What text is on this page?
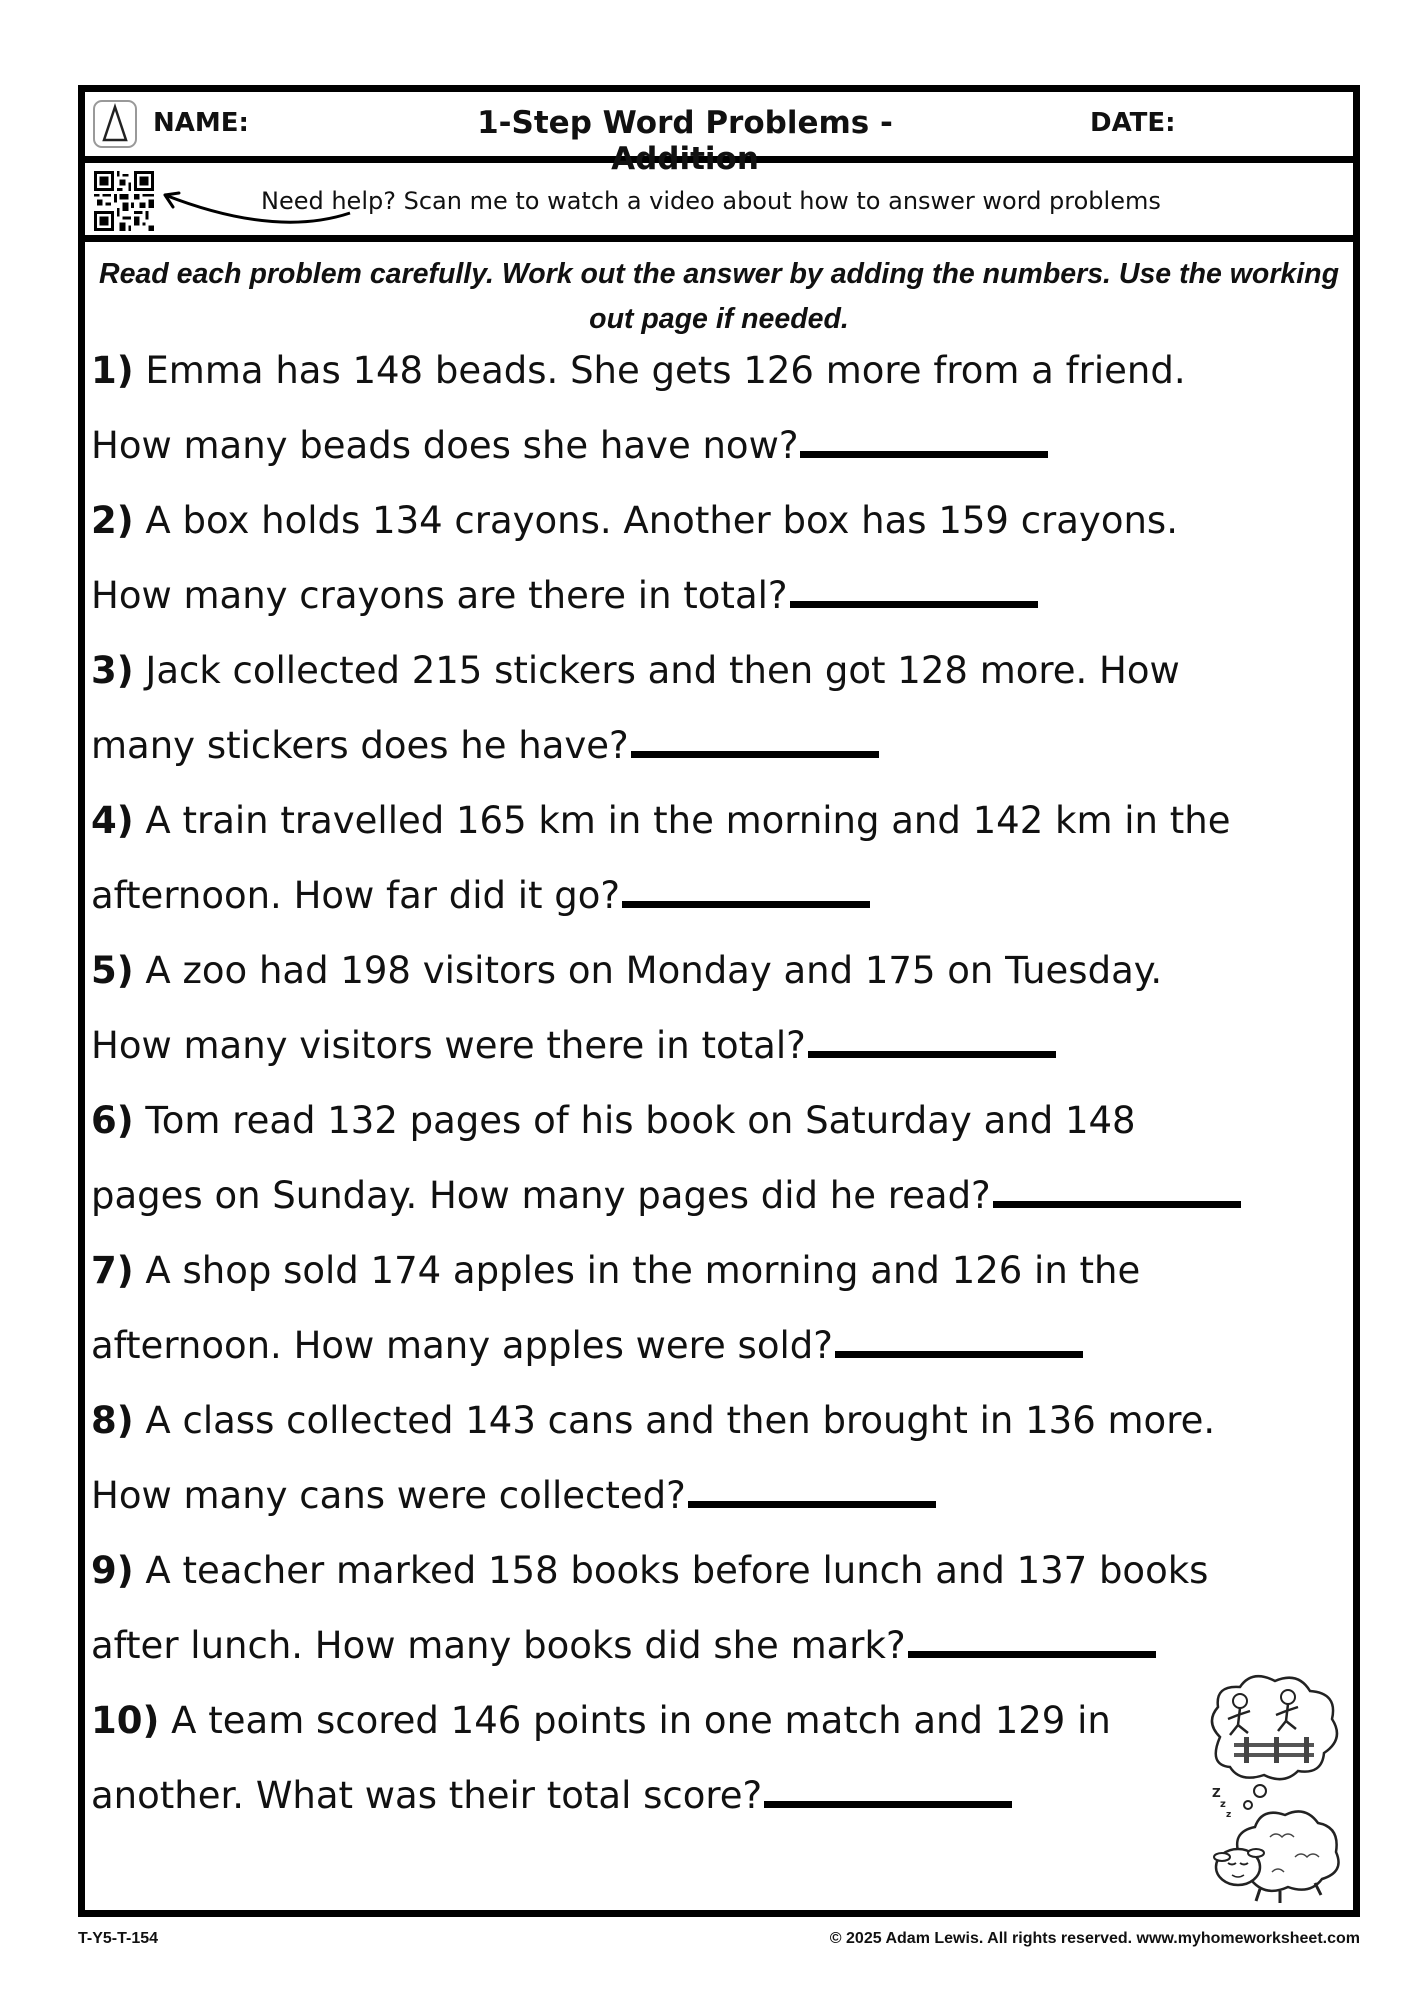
NAME:	1-Step Word Problems - Addition
DATE:
Need help? Scan me to watch a video about how to answer word problems
Read each problem carefully. Work out the answer by adding the numbers. Use the working out page if needed.
1) Emma has 148 beads. She gets 126 more from a friend.
How many beads does she have now?
2) A box holds 134 crayons. Another box has 159 crayons.
How many crayons are there in total?
3) Jack collected 215 stickers and then got 128 more. How
many stickers does he have?
4) A train travelled 165 km in the morning and 142 km in the
afternoon. How far did it go?
5) A zoo had 198 visitors on Monday and 175 on Tuesday.
How many visitors were there in total?
6) Tom read 132 pages of his book on Saturday and 148
pages on Sunday. How many pages did he read?
7) A shop sold 174 apples in the morning and 126 in the
afternoon. How many apples were sold?
8) A class collected 143 cans and then brought in 136 more.
How many cans were collected?
9) A teacher marked 158 books before lunch and 137 books
after lunch. How many books did she mark?
10) A team scored 146 points in one match and 129 in
another. What was their total score?	Z
z
z
T-Y5-T-154	© 2025 Adam Lewis. All rights reserved. www.myhomeworksheet.com
